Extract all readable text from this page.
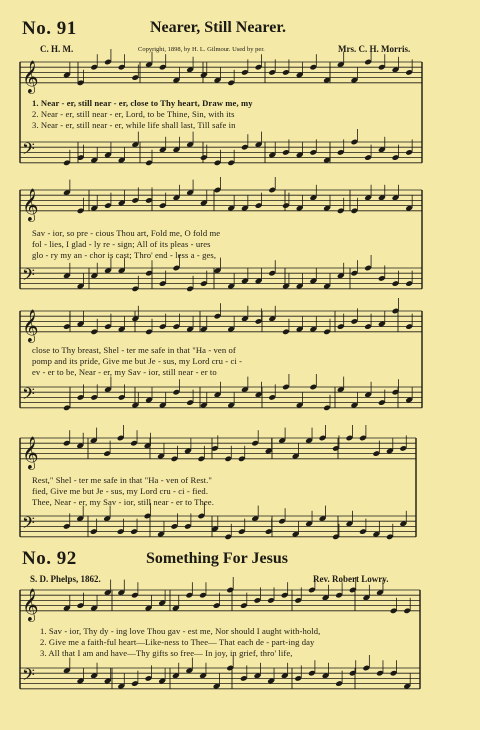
𝄞
𝄢
𝄞
𝄢
𝄞
𝄢
𝄞
𝄢
𝄞
𝄢
No. 91	Nearer, Still Nearer.
C. H. M.	Copyright, 1898, by H. L. Gilmour. Used by per.	Mrs. C. H. Morris.
1. Near - er, still near - er, close to Thy heart, Draw me, my
2. Near - er, still near - er, Lord, to be Thine, Sin, with its
3. Near - er, still near - er, while life shall last, Till safe in
Sav - ior, so pre - cious Thou art, Fold me, O fold me
fol - lies, I glad - ly re - sign; All of its pleas - ures
glo - ry my an - chor is cast; Thro' end - less a - ges,
close to Thy breast, Shel - ter me safe in that "Ha - ven of
pomp and its pride, Give me but Je - sus, my Lord cru - ci -
ev - er to be, Near - er, my Sav - ior, still near - er to
Rest," Shel - ter me safe in that "Ha - ven of Rest."
fied, Give me but Je - sus, my Lord cru - ci - fied.
Thee, Near - er, my Sav - ior, still near - er to Thee.
No. 92	Something For Jesus
S. D. Phelps, 1862.	Rev. Robert Lowry.
1. Sav - ior, Thy dy - ing love Thou gav - est me, Nor should I aught with-hold,
2. Give me a faith-ful heart—Like-ness to Thee— That each de - part-ing day
3. All that I am and have—Thy gifts so free— In joy, in grief, thro' life,
